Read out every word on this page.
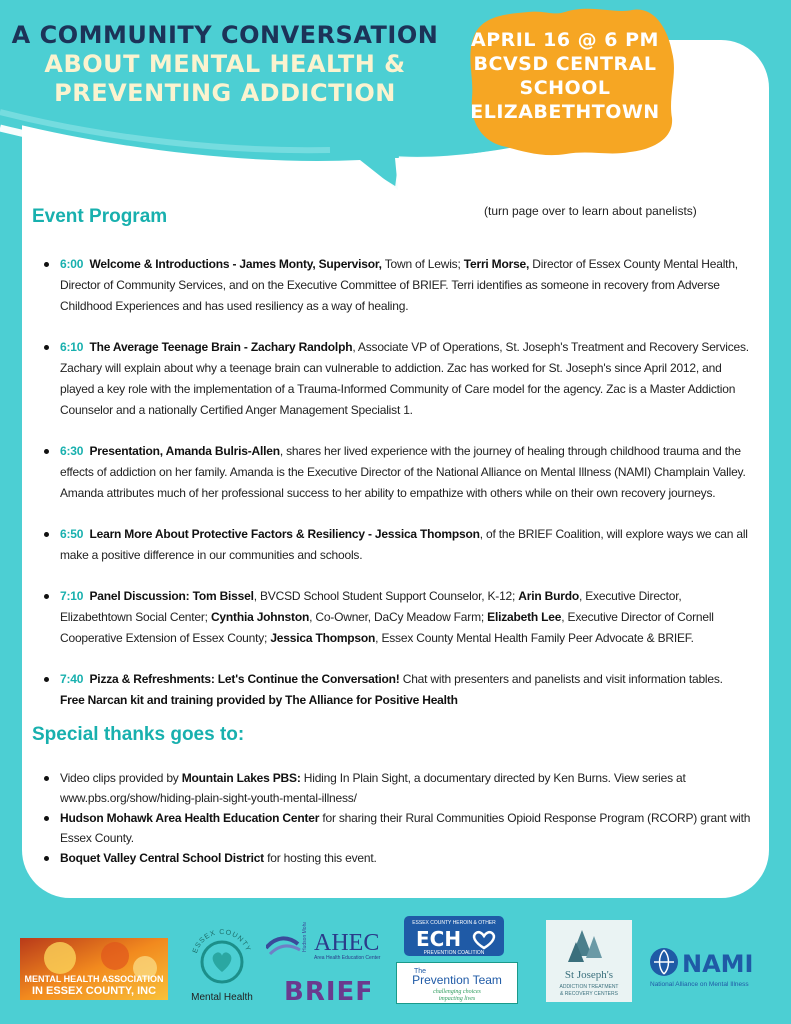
A COMMUNITY CONVERSATION
ABOUT MENTAL HEALTH &
PREVENTING ADDICTION
APRIL 16 @ 6 PM
BCVSD CENTRAL
SCHOOL
ELIZABETHTOWN
Event Program	(turn page over to learn about panelists)
6:00 Welcome & Introductions - James Monty, Supervisor, Town of Lewis; Terri Morse, Director of Essex County Mental Health, Director of Community Services, and on the Executive Committee of BRIEF. Terri identifies as someone in recovery from Adverse Childhood Experiences and has used resiliency as a way of healing.
6:10 The Average Teenage Brain - Zachary Randolph, Associate VP of Operations, St. Joseph's Treatment and Recovery Services. Zachary will explain about why a teenage brain can vulnerable to addiction. Zac has worked for St. Joseph's since April 2012, and played a key role with the implementation of a Trauma-Informed Community of Care model for the agency. Zac is a Master Addiction Counselor and a nationally Certified Anger Management Specialist 1.
6:30 Presentation, Amanda Bulris-Allen, shares her lived experience with the journey of healing through childhood trauma and the effects of addiction on her family. Amanda is the Executive Director of the National Alliance on Mental Illness (NAMI) Champlain Valley. Amanda attributes much of her professional success to her ability to empathize with others while on their own recovery journeys.
6:50 Learn More About Protective Factors & Resiliency - Jessica Thompson, of the BRIEF Coalition, will explore ways we can all make a positive difference in our communities and schools.
7:10 Panel Discussion: Tom Bissel, BVCSD School Student Support Counselor, K-12; Arin Burdo, Executive Director, Elizabethtown Social Center; Cynthia Johnston, Co-Owner, DaCy Meadow Farm; Elizabeth Lee, Executive Director of Cornell Cooperative Extension of Essex County; Jessica Thompson, Essex County Mental Health Family Peer Advocate & BRIEF.
7:40 Pizza & Refreshments: Let's Continue the Conversation! Chat with presenters and panelists and visit information tables.
Free Narcan kit and training provided by The Alliance for Positive Health
Special thanks goes to:
Video clips provided by Mountain Lakes PBS: Hiding In Plain Sight, a documentary directed by Ken Burns. View series at www.pbs.org/show/hiding-plain-sight-youth-mental-illness/
Hudson Mohawk Area Health Education Center for sharing their Rural Communities Opioid Response Program (RCORP) grant with Essex County.
Boquet Valley Central School District for hosting this event.
MENTAL HEALTH ASSOCIATION
IN ESSEX COUNTY, INC
ESSEX COUNTY
Mental Health
Hudson Mohawk AHEC
Area Health Education Center
BRIEF
ESSEX COUNTY HEROIN & OTHER
ECH
PREVENTION COALITION
The
Prevention Team
challenging choices
impacting lives
St Joseph's
ADDICTION TREATMENT
& RECOVERY CENTERS
NAMI
National Alliance on Mental Illness
